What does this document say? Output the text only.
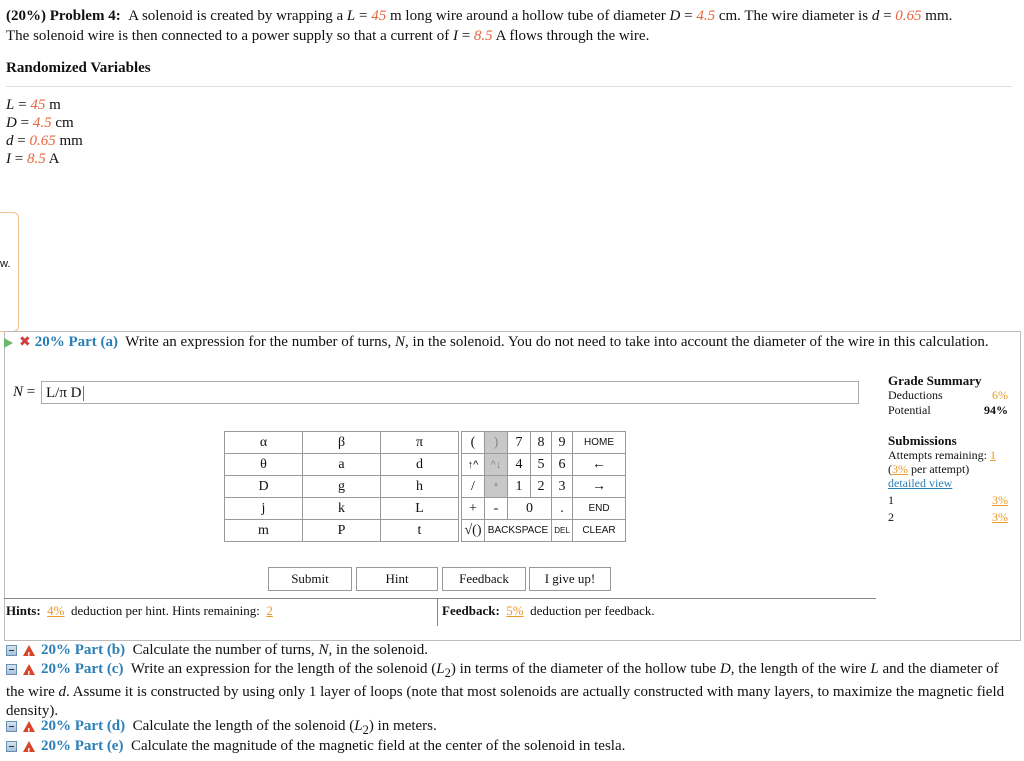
(20%) Problem 4: A solenoid is created by wrapping a L = 45 m long wire around a hollow tube of diameter D = 4.5 cm. The wire diameter is d = 0.65 mm.
The solenoid wire is then connected to a power supply so that a current of I = 8.5 A flows through the wire.
Randomized Variables
L = 45 m
D = 4.5 cm
d = 0.65 mm
I = 8.5 A
w.
✖ 20% Part (a) Write an expression for the number of turns, N, in the solenoid. You do not need to take into account the diameter of the wire in this calculation.
N = L/π D
Grade Summary
Deductions	6%
Potential	94%
Submissions
Attempts remaining: 1
(3% per attempt)
detailed view
1	3%
2	3%
α	β	π
θ	a	d
D	g	h
j	k	L
m	P	t
(	)	7	8	9	HOME
↑^	^↓	4	5	6	←
/	*	1	2	3	→
+	-	0		.	END
√()	BACKSPACE			DEL	CLEAR
Submit	Hint	Feedback	I give up!
Hints: 4% deduction per hint. Hints remaining: 2	Feedback: 5% deduction per feedback.
!20% Part (b) Calculate the number of turns, N, in the solenoid.
!20% Part (c) Write an expression for the length of the solenoid $(L_2)$ in terms of the diameter of the hollow tube D, the length of the wire L and the diameter of the wire d. Assume it is constructed by using only 1 layer of loops (note that most solenoids are actually constructed with many layers, to maximize the magnetic field density).
!20% Part (d) Calculate the length of the solenoid $(L_2)$ in meters.
!20% Part (e) Calculate the magnitude of the magnetic field at the center of the solenoid in tesla.
